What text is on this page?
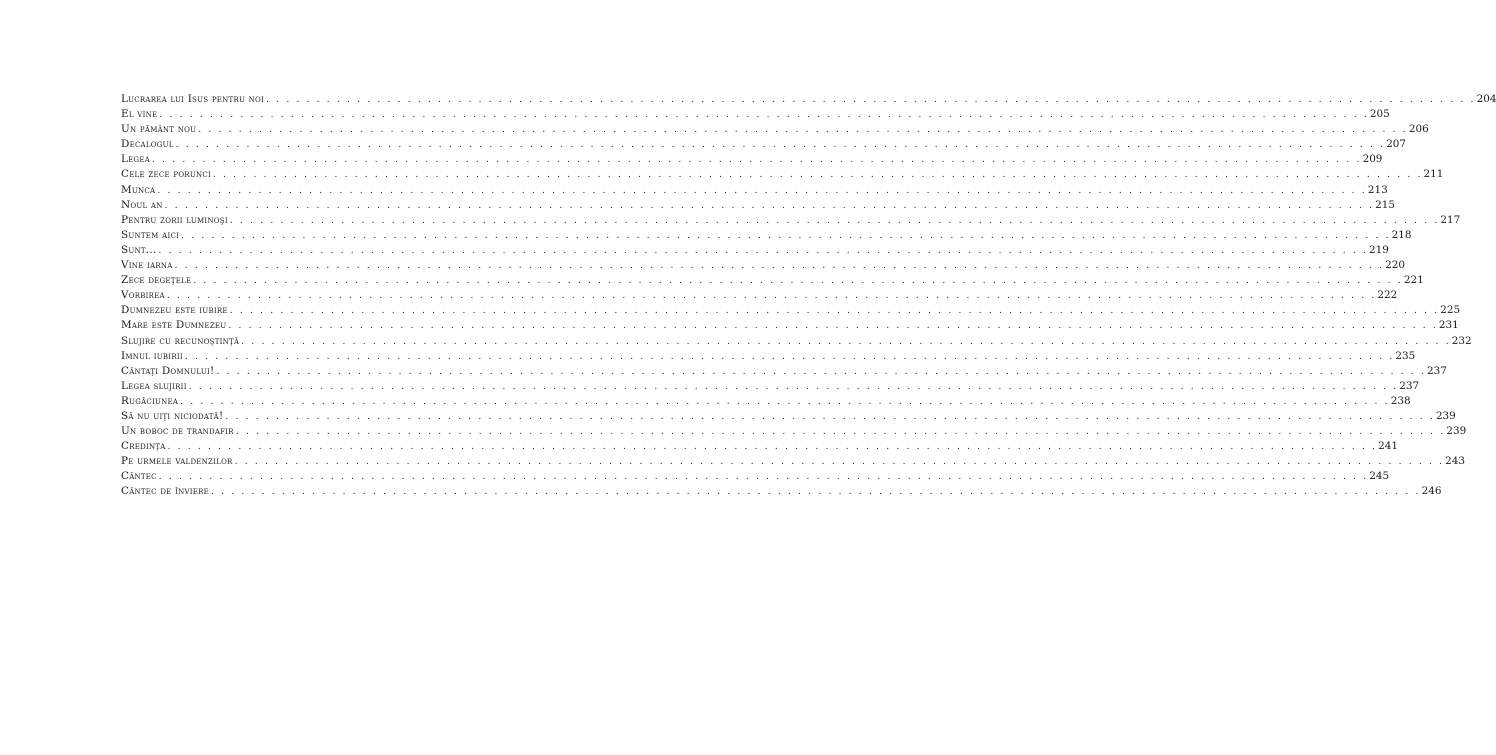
Lucrarea lui Isus pentru noi . . . . . . . . . . . . . . . . . . . . . . . . . . . . . . . . . . . . . . . . . . . . . . . . . . . . . . . . . . . . . . . . . . . . . . . . . . . . . . . . . . . . . . . . . . . . . . . . . . . . . . . . . . . . . . . . . . . . . . . . 204
El vine . . . . . . . . . . . . . . . . . . . . . . . . . . . . . . . . . . . . . . . . . . . . . . . . . . . . . . . . . . . . . . . . . . . . . . . . . . . . . . . . . . . . . . . . . . . . . . . . . . . . . . . . . . . . . . . . . . . . . . . . 205
Un pământ nou . . . . . . . . . . . . . . . . . . . . . . . . . . . . . . . . . . . . . . . . . . . . . . . . . . . . . . . . . . . . . . . . . . . . . . . . . . . . . . . . . . . . . . . . . . . . . . . . . . . . . . . . . . . . . . . . . . . . . . . . 206
Decalogul . . . . . . . . . . . . . . . . . . . . . . . . . . . . . . . . . . . . . . . . . . . . . . . . . . . . . . . . . . . . . . . . . . . . . . . . . . . . . . . . . . . . . . . . . . . . . . . . . . . . . . . . . . . . . . . . . . . . . . . . 207
Legea . . . . . . . . . . . . . . . . . . . . . . . . . . . . . . . . . . . . . . . . . . . . . . . . . . . . . . . . . . . . . . . . . . . . . . . . . . . . . . . . . . . . . . . . . . . . . . . . . . . . . . . . . . . . . . . . . . . . . . . . 209
Cele zece porunci . . . . . . . . . . . . . . . . . . . . . . . . . . . . . . . . . . . . . . . . . . . . . . . . . . . . . . . . . . . . . . . . . . . . . . . . . . . . . . . . . . . . . . . . . . . . . . . . . . . . . . . . . . . . . . . . . . . . . . . . 211
Munca . . . . . . . . . . . . . . . . . . . . . . . . . . . . . . . . . . . . . . . . . . . . . . . . . . . . . . . . . . . . . . . . . . . . . . . . . . . . . . . . . . . . . . . . . . . . . . . . . . . . . . . . . . . . . . . . . . . . . . . . 213
Noul an . . . . . . . . . . . . . . . . . . . . . . . . . . . . . . . . . . . . . . . . . . . . . . . . . . . . . . . . . . . . . . . . . . . . . . . . . . . . . . . . . . . . . . . . . . . . . . . . . . . . . . . . . . . . . . . . . . . . . . . . 215
Pentru zorii luminoşi . . . . . . . . . . . . . . . . . . . . . . . . . . . . . . . . . . . . . . . . . . . . . . . . . . . . . . . . . . . . . . . . . . . . . . . . . . . . . . . . . . . . . . . . . . . . . . . . . . . . . . . . . . . . . . . . . . . . . . . . 217
Suntem aici . . . . . . . . . . . . . . . . . . . . . . . . . . . . . . . . . . . . . . . . . . . . . . . . . . . . . . . . . . . . . . . . . . . . . . . . . . . . . . . . . . . . . . . . . . . . . . . . . . . . . . . . . . . . . . . . . . . . . . . . 218
Sunt... . . . . . . . . . . . . . . . . . . . . . . . . . . . . . . . . . . . . . . . . . . . . . . . . . . . . . . . . . . . . . . . . . . . . . . . . . . . . . . . . . . . . . . . . . . . . . . . . . . . . . . . . . . . . . . . . . . . . . . . . 219
Vine iarna . . . . . . . . . . . . . . . . . . . . . . . . . . . . . . . . . . . . . . . . . . . . . . . . . . . . . . . . . . . . . . . . . . . . . . . . . . . . . . . . . . . . . . . . . . . . . . . . . . . . . . . . . . . . . . . . . . . . . . . . 220
Zece degeţele . . . . . . . . . . . . . . . . . . . . . . . . . . . . . . . . . . . . . . . . . . . . . . . . . . . . . . . . . . . . . . . . . . . . . . . . . . . . . . . . . . . . . . . . . . . . . . . . . . . . . . . . . . . . . . . . . . . . . . . . 221
Vorbirea . . . . . . . . . . . . . . . . . . . . . . . . . . . . . . . . . . . . . . . . . . . . . . . . . . . . . . . . . . . . . . . . . . . . . . . . . . . . . . . . . . . . . . . . . . . . . . . . . . . . . . . . . . . . . . . . . . . . . . . . 222
Dumnezeu este iubire . . . . . . . . . . . . . . . . . . . . . . . . . . . . . . . . . . . . . . . . . . . . . . . . . . . . . . . . . . . . . . . . . . . . . . . . . . . . . . . . . . . . . . . . . . . . . . . . . . . . . . . . . . . . . . . . . . . . . . . . 225
Mare este Dumnezeu . . . . . . . . . . . . . . . . . . . . . . . . . . . . . . . . . . . . . . . . . . . . . . . . . . . . . . . . . . . . . . . . . . . . . . . . . . . . . . . . . . . . . . . . . . . . . . . . . . . . . . . . . . . . . . . . . . . . . . . . 231
Slujire cu recunoştinţă . . . . . . . . . . . . . . . . . . . . . . . . . . . . . . . . . . . . . . . . . . . . . . . . . . . . . . . . . . . . . . . . . . . . . . . . . . . . . . . . . . . . . . . . . . . . . . . . . . . . . . . . . . . . . . . . . . . . . . . . 232
Imnul iubirii . . . . . . . . . . . . . . . . . . . . . . . . . . . . . . . . . . . . . . . . . . . . . . . . . . . . . . . . . . . . . . . . . . . . . . . . . . . . . . . . . . . . . . . . . . . . . . . . . . . . . . . . . . . . . . . . . . . . . . . . 235
Cântaţi Domnului! . . . . . . . . . . . . . . . . . . . . . . . . . . . . . . . . . . . . . . . . . . . . . . . . . . . . . . . . . . . . . . . . . . . . . . . . . . . . . . . . . . . . . . . . . . . . . . . . . . . . . . . . . . . . . . . . . . . . . . . . 237
Legea slujirii . . . . . . . . . . . . . . . . . . . . . . . . . . . . . . . . . . . . . . . . . . . . . . . . . . . . . . . . . . . . . . . . . . . . . . . . . . . . . . . . . . . . . . . . . . . . . . . . . . . . . . . . . . . . . . . . . . . . . . . . 237
Rugăciunea . . . . . . . . . . . . . . . . . . . . . . . . . . . . . . . . . . . . . . . . . . . . . . . . . . . . . . . . . . . . . . . . . . . . . . . . . . . . . . . . . . . . . . . . . . . . . . . . . . . . . . . . . . . . . . . . . . . . . . . . 238
Să nu uiţi niciodată! . . . . . . . . . . . . . . . . . . . . . . . . . . . . . . . . . . . . . . . . . . . . . . . . . . . . . . . . . . . . . . . . . . . . . . . . . . . . . . . . . . . . . . . . . . . . . . . . . . . . . . . . . . . . . . . . . . . . . . . . 239
Un boboc de trandafir . . . . . . . . . . . . . . . . . . . . . . . . . . . . . . . . . . . . . . . . . . . . . . . . . . . . . . . . . . . . . . . . . . . . . . . . . . . . . . . . . . . . . . . . . . . . . . . . . . . . . . . . . . . . . . . . . . . . . . . . 239
Credinţa . . . . . . . . . . . . . . . . . . . . . . . . . . . . . . . . . . . . . . . . . . . . . . . . . . . . . . . . . . . . . . . . . . . . . . . . . . . . . . . . . . . . . . . . . . . . . . . . . . . . . . . . . . . . . . . . . . . . . . . . 241
Pe urmele valdenzilor . . . . . . . . . . . . . . . . . . . . . . . . . . . . . . . . . . . . . . . . . . . . . . . . . . . . . . . . . . . . . . . . . . . . . . . . . . . . . . . . . . . . . . . . . . . . . . . . . . . . . . . . . . . . . . . . . . . . . . . . 243
Cântec . . . . . . . . . . . . . . . . . . . . . . . . . . . . . . . . . . . . . . . . . . . . . . . . . . . . . . . . . . . . . . . . . . . . . . . . . . . . . . . . . . . . . . . . . . . . . . . . . . . . . . . . . . . . . . . . . . . . . . . . 245
Cântec de înviere . . . . . . . . . . . . . . . . . . . . . . . . . . . . . . . . . . . . . . . . . . . . . . . . . . . . . . . . . . . . . . . . . . . . . . . . . . . . . . . . . . . . . . . . . . . . . . . . . . . . . . . . . . . . . . . . . . . . . . . . 246
